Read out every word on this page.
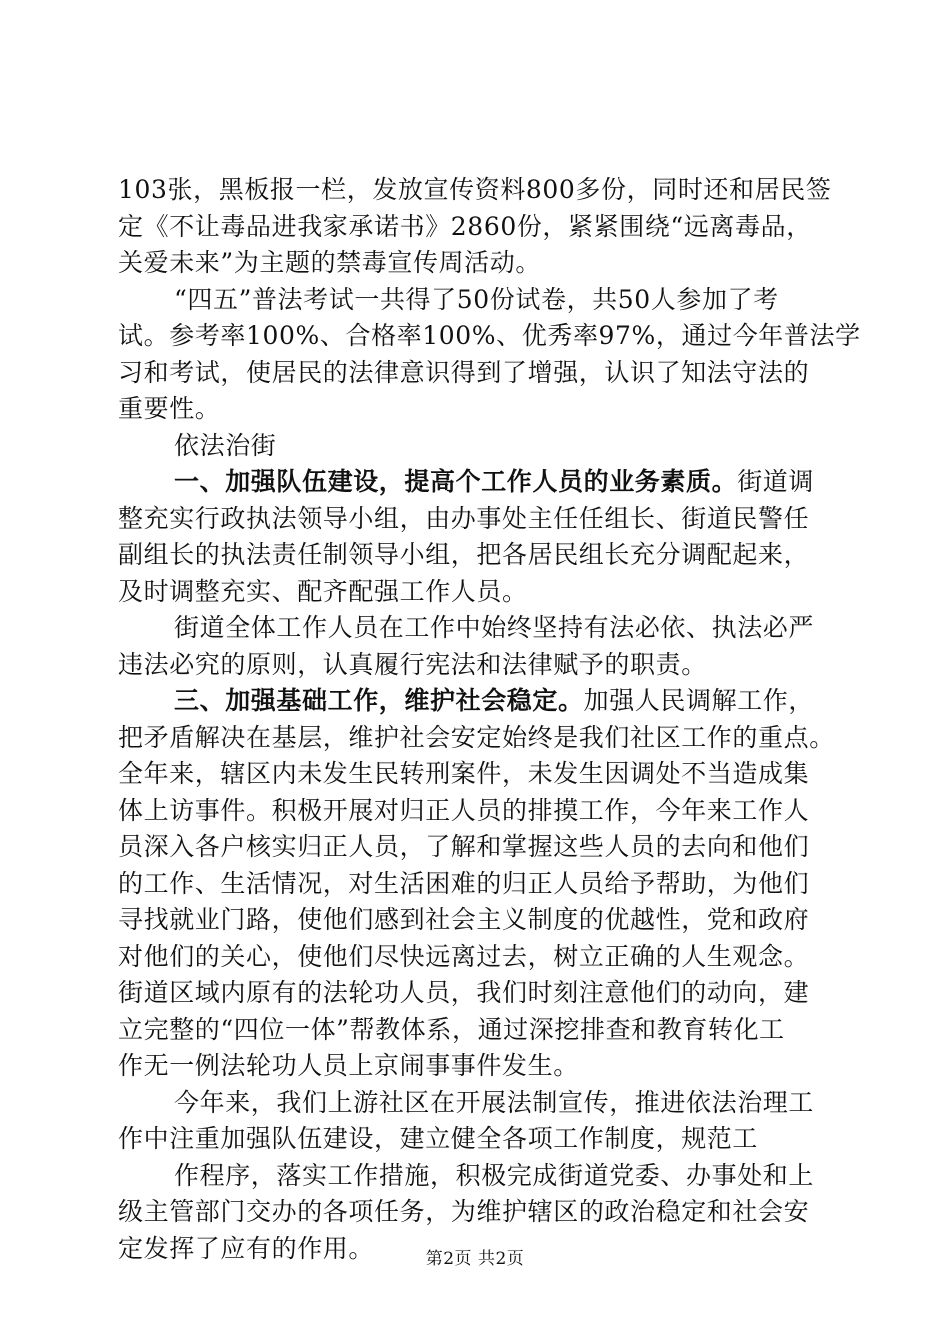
103张，黑板报一栏，发放宣传资料800多份，同时还和居民签
定《不让毒品进我家承诺书》2860份，紧紧围绕“远离毒品，
关爱未来”为主题的禁毒宣传周活动。
“四五”普法考试一共得了50份试卷，共50人参加了考
试。参考率100%、合格率100%、优秀率97%，通过今年普法学
习和考试，使居民的法律意识得到了增强，认识了知法守法的
重要性。
依法治街
一、加强队伍建设，提高个工作人员的业务素质。街道调
整充实行政执法领导小组，由办事处主任任组长、街道民警任
副组长的执法责任制领导小组，把各居民组长充分调配起来，
及时调整充实、配齐配强工作人员。
街道全体工作人员在工作中始终坚持有法必依、执法必严
违法必究的原则，认真履行宪法和法律赋予的职责。
三、加强基础工作，维护社会稳定。加强人民调解工作，
把矛盾解决在基层，维护社会安定始终是我们社区工作的重点。
全年来，辖区内未发生民转刑案件，未发生因调处不当造成集
体上访事件。积极开展对归正人员的排摸工作，今年来工作人
员深入各户核实归正人员，了解和掌握这些人员的去向和他们
的工作、生活情况，对生活困难的归正人员给予帮助，为他们
寻找就业门路，使他们感到社会主义制度的优越性，党和政府
对他们的关心，使他们尽快远离过去，树立正确的人生观念。
街道区域内原有的法轮功人员，我们时刻注意他们的动向，建
立完整的“四位一体”帮教体系，通过深挖排查和教育转化工
作无一例法轮功人员上京闹事事件发生。
今年来，我们上游社区在开展法制宣传，推进依法治理工
作中注重加强队伍建设，建立健全各项工作制度，规范工
作程序，落实工作措施，积极完成街道党委、办事处和上
级主管部门交办的各项任务，为维护辖区的政治稳定和社会安
定发挥了应有的作用。	第2页 共2页
